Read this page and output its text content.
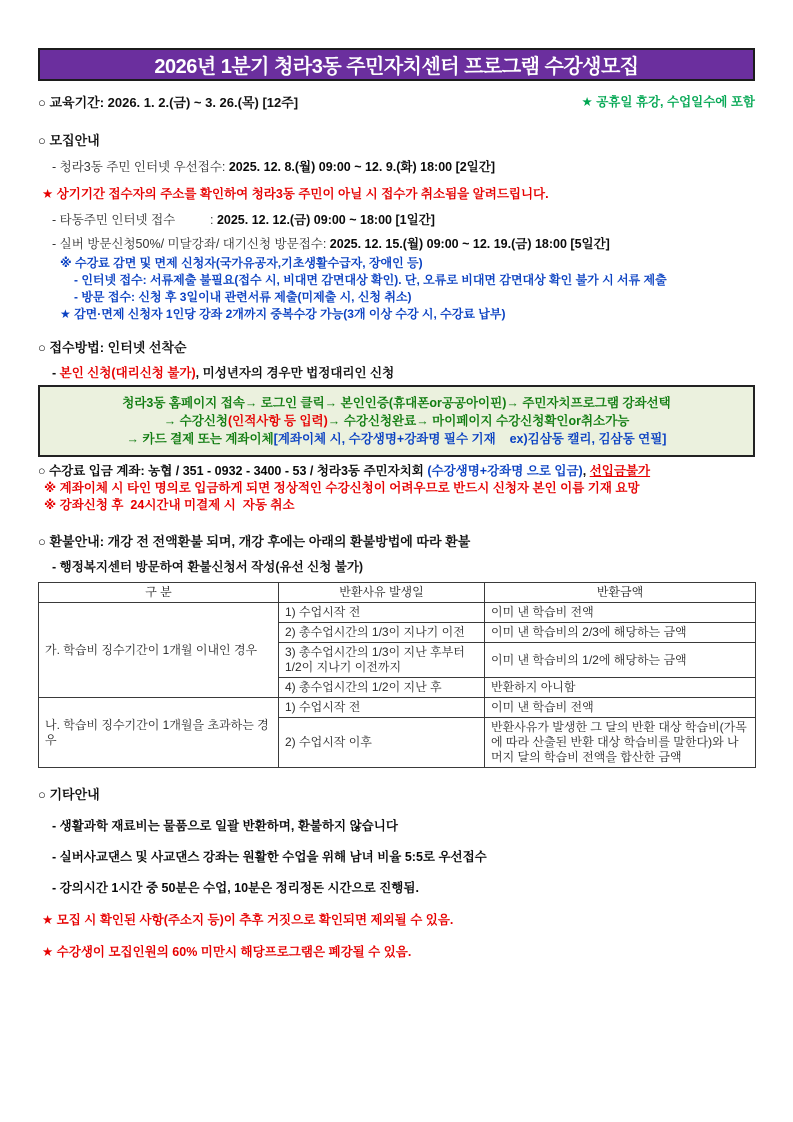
2026년 1분기 청라3동 주민자치센터 프로그램 수강생모집
○ 교육기간: 2026. 1. 2.(금) ~ 3. 26.(목) [12주]	★ 공휴일 휴강, 수업일수에 포함
○ 모집안내
- 청라3동 주민 인터넷 우선접수: 2025. 12. 8.(월) 09:00 ~ 12. 9.(화) 18:00 [2일간]
★ 상기기간 접수자의 주소를 확인하여 청라3동 주민이 아닐 시 접수가 취소됨을 알려드립니다.
- 타동주민 인터넷 접수          : 2025. 12. 12.(금) 09:00 ~ 18:00 [1일간]
- 실버 방문신청50%/ 미달강좌/ 대기신청 방문접수: 2025. 12. 15.(월) 09:00 ~ 12. 19.(금) 18:00 [5일간]
※ 수강료 감면 및 면제 신청자(국가유공자,기초생활수급자, 장애인 등)
- 인터넷 접수: 서류제출 불필요(접수 시, 비대면 감면대상 확인). 단, 오류로 비대면 감면대상 확인 불가 시 서류 제출
- 방문 접수: 신청 후 3일이내 관련서류 제출(미제출 시, 신청 취소)
★ 감면·면제 신청자 1인당 강좌 2개까지 중복수강 가능(3개 이상 수강 시, 수강료 납부)
○ 접수방법: 인터넷 선착순
- 본인 신청(대리신청 불가), 미성년자의 경우만 법정대리인 신청
청라3동 홈페이지 접속→ 로그인 클릭→ 본인인증(휴대폰or공공아이핀)→ 주민자치프로그램 강좌선택
→ 수강신청(인적사항 등 입력)→ 수강신청완료→ 마이페이지 수강신청확인or취소가능
→ 카드 결제 또는 계좌이체[계좌이체 시, 수강생명+강좌명 필수 기재    ex)김삼동 캘리, 김삼동 연필]
○ 수강료 입금 계좌: 농협 / 351 - 0932 - 3400 - 53 / 청라3동 주민자치회 (수강생명+강좌명 으로 입금), 선입금불가
※ 계좌이체 시 타인 명의로 입금하게 되면 정상적인 수강신청이 어려우므로 반드시 신청자 본인 이름 기재 요망
※ 강좌신청 후  24시간내 미결제 시  자동 취소
○ 환불안내: 개강 전 전액환불 되며, 개강 후에는 아래의 환불방법에 따라 환불
- 행정복지센터 방문하여 환불신청서 작성(유선 신청 불가)
구 분	반환사유 발생일	반환금액
가. 학습비 징수기간이 1개월 이내인 경우	1) 수업시작 전	이미 낸 학습비 전액
	2) 총수업시간의 1/3이 지나기 이전	이미 낸 학습비의 2/3에 해당하는 금액
	3) 총수업시간의 1/3이 지난 후부터 1/2이 지나기 이전까지	이미 낸 학습비의 1/2에 해당하는 금액
	4) 총수업시간의 1/2이 지난 후	반환하지 아니함
나. 학습비 징수기간이 1개월을 초과하는 경우	1) 수업시작 전	이미 낸 학습비 전액
	2) 수업시작 이후	반환사유가 발생한 그 달의 반환 대상 학습비(가목에 따라 산출된 반환 대상 학습비를 말한다)와 나머지 달의 학습비 전액을 합산한 금액
○ 기타안내
- 생활과학 재료비는 물품으로 일괄 반환하며, 환불하지 않습니다
- 실버사교댄스 및 사교댄스 강좌는 원활한 수업을 위해 남녀 비율 5:5로 우선접수
- 강의시간 1시간 중 50분은 수업, 10분은 정리정돈 시간으로 진행됨.
★ 모집 시 확인된 사항(주소지 등)이 추후 거짓으로 확인되면 제외될 수 있음.
★ 수강생이 모집인원의 60% 미만시 해당프로그램은 폐강될 수 있음.
